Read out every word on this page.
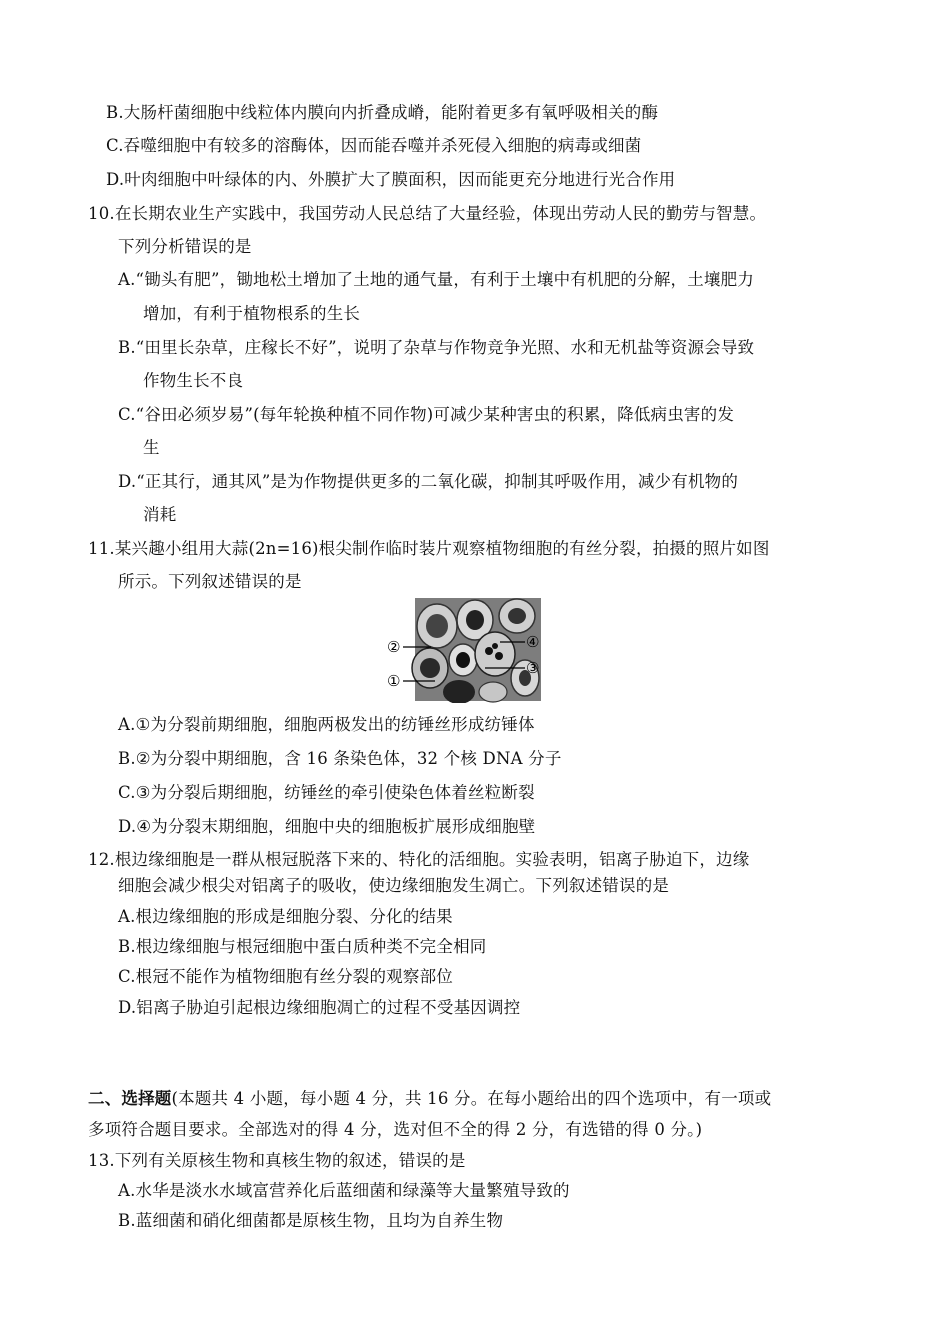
B.大肠杆菌细胞中线粒体内膜向内折叠成嵴，能附着更多有氧呼吸相关的酶
C.吞噬细胞中有较多的溶酶体，因而能吞噬并杀死侵入细胞的病毒或细菌
D.叶肉细胞中叶绿体的内、外膜扩大了膜面积，因而能更充分地进行光合作用
10.在长期农业生产实践中，我国劳动人民总结了大量经验，体现出劳动人民的勤劳与智慧。
下列分析错误的是
A.“锄头有肥”，锄地松土增加了土地的通气量，有利于土壤中有机肥的分解，土壤肥力
增加，有利于植物根系的生长
B.“田里长杂草，庄稼长不好”，说明了杂草与作物竞争光照、水和无机盐等资源会导致
作物生长不良
C.“谷田必须岁易”(每年轮换种植不同作物)可减少某种害虫的积累，降低病虫害的发
生
D.“正其行，通其风”是为作物提供更多的二氧化碳，抑制其呼吸作用，减少有机物的
消耗
11.某兴趣小组用大蒜(2n=16)根尖制作临时装片观察植物细胞的有丝分裂，拍摄的照片如图
所示。下列叙述错误的是
②
①
④
③
A.①为分裂前期细胞，细胞两极发出的纺锤丝形成纺锤体
B.②为分裂中期细胞，含 16 条染色体，32 个核 DNA 分子
C.③为分裂后期细胞，纺锤丝的牵引使染色体着丝粒断裂
D.④为分裂末期细胞，细胞中央的细胞板扩展形成细胞壁
12.根边缘细胞是一群从根冠脱落下来的、特化的活细胞。实验表明，铝离子胁迫下，边缘
细胞会减少根尖对铝离子的吸收，使边缘细胞发生凋亡。下列叙述错误的是
A.根边缘细胞的形成是细胞分裂、分化的结果
B.根边缘细胞与根冠细胞中蛋白质种类不完全相同
C.根冠不能作为植物细胞有丝分裂的观察部位
D.铝离子胁迫引起根边缘细胞凋亡的过程不受基因调控
二、选择题(本题共 4 小题，每小题 4 分，共 16 分。在每小题给出的四个选项中，有一项或
多项符合题目要求。全部选对的得 4 分，选对但不全的得 2 分，有选错的得 0 分。)
13.下列有关原核生物和真核生物的叙述，错误的是
A.水华是淡水水域富营养化后蓝细菌和绿藻等大量繁殖导致的
B.蓝细菌和硝化细菌都是原核生物，且均为自养生物
